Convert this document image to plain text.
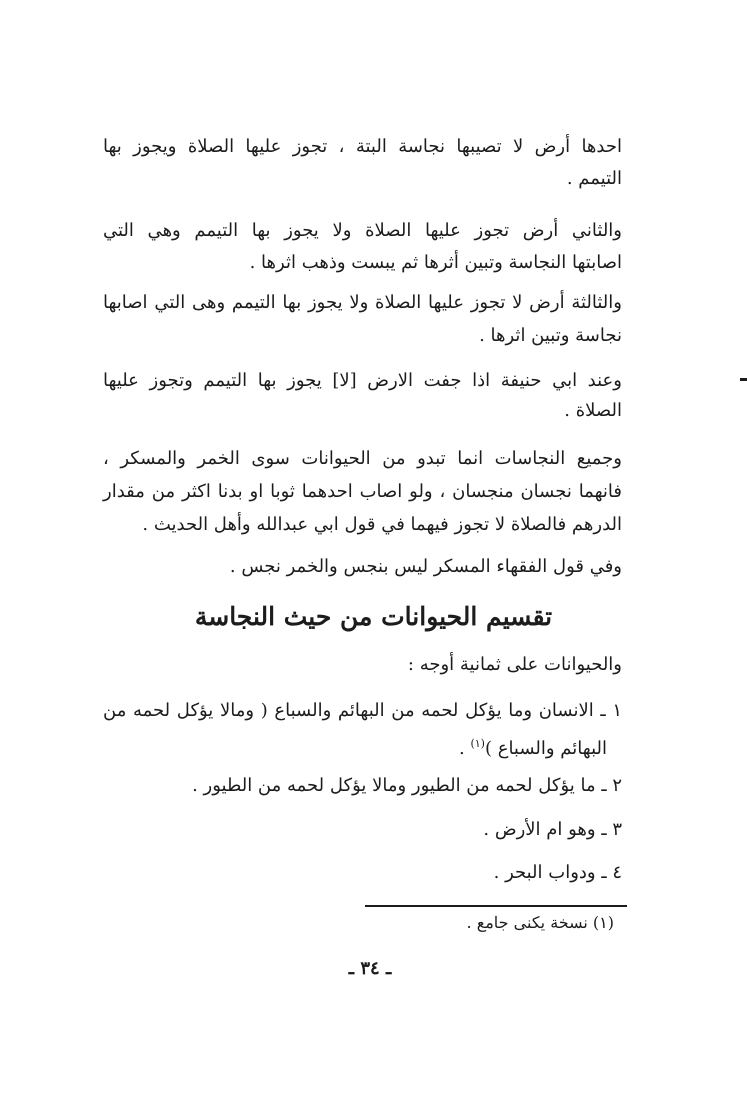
احدها أرض لا تصيبها نجاسة البتة ، تجوز عليها الصلاة ويجوز بها
التيمم .
والثاني أرض تجوز عليها الصلاة ولا يجوز بها التيمم وهي التي
اصابتها النجاسة وتبين أثرها ثم يبست وذهب اثرها .
والثالثة أرض لا تجوز عليها الصلاة ولا يجوز بها التيمم وهى التي اصابها
نجاسة وتبين اثرها .
وعند ابي حنيفة اذا جفت الارض [لا] يجوز بها التيمم وتجوز عليها
الصلاة .
وجميع النجاسات انما تبدو من الحيوانات سوى الخمر والمسكر ،
فانهما نجسان منجسان ، ولو اصاب احدهما ثوبا او بدنا اكثر من مقدار
الدرهم فالصلاة لا تجوز فيهما في قول ابي عبدالله وأهل الحديث .
وفي قول الفقهاء المسكر ليس بنجس والخمر نجس .
تقسيم الحيوانات من حيث النجاسة
والحيوانات على ثمانية أوجه :
١ ـ الانسان وما يؤكل لحمه من البهائم والسباع ( ومالا يؤكل لحمه من
البهائم والسباع )$^{(١)}$ .
٢ ـ ما يؤكل لحمه من الطيور ومالا يؤكل لحمه من الطيور .
٣ ـ وهو ام الأرض .
٤ ـ ودواب البحر .
(١) نسخة يكنى جامع .
ـ ٣٤ ـ
